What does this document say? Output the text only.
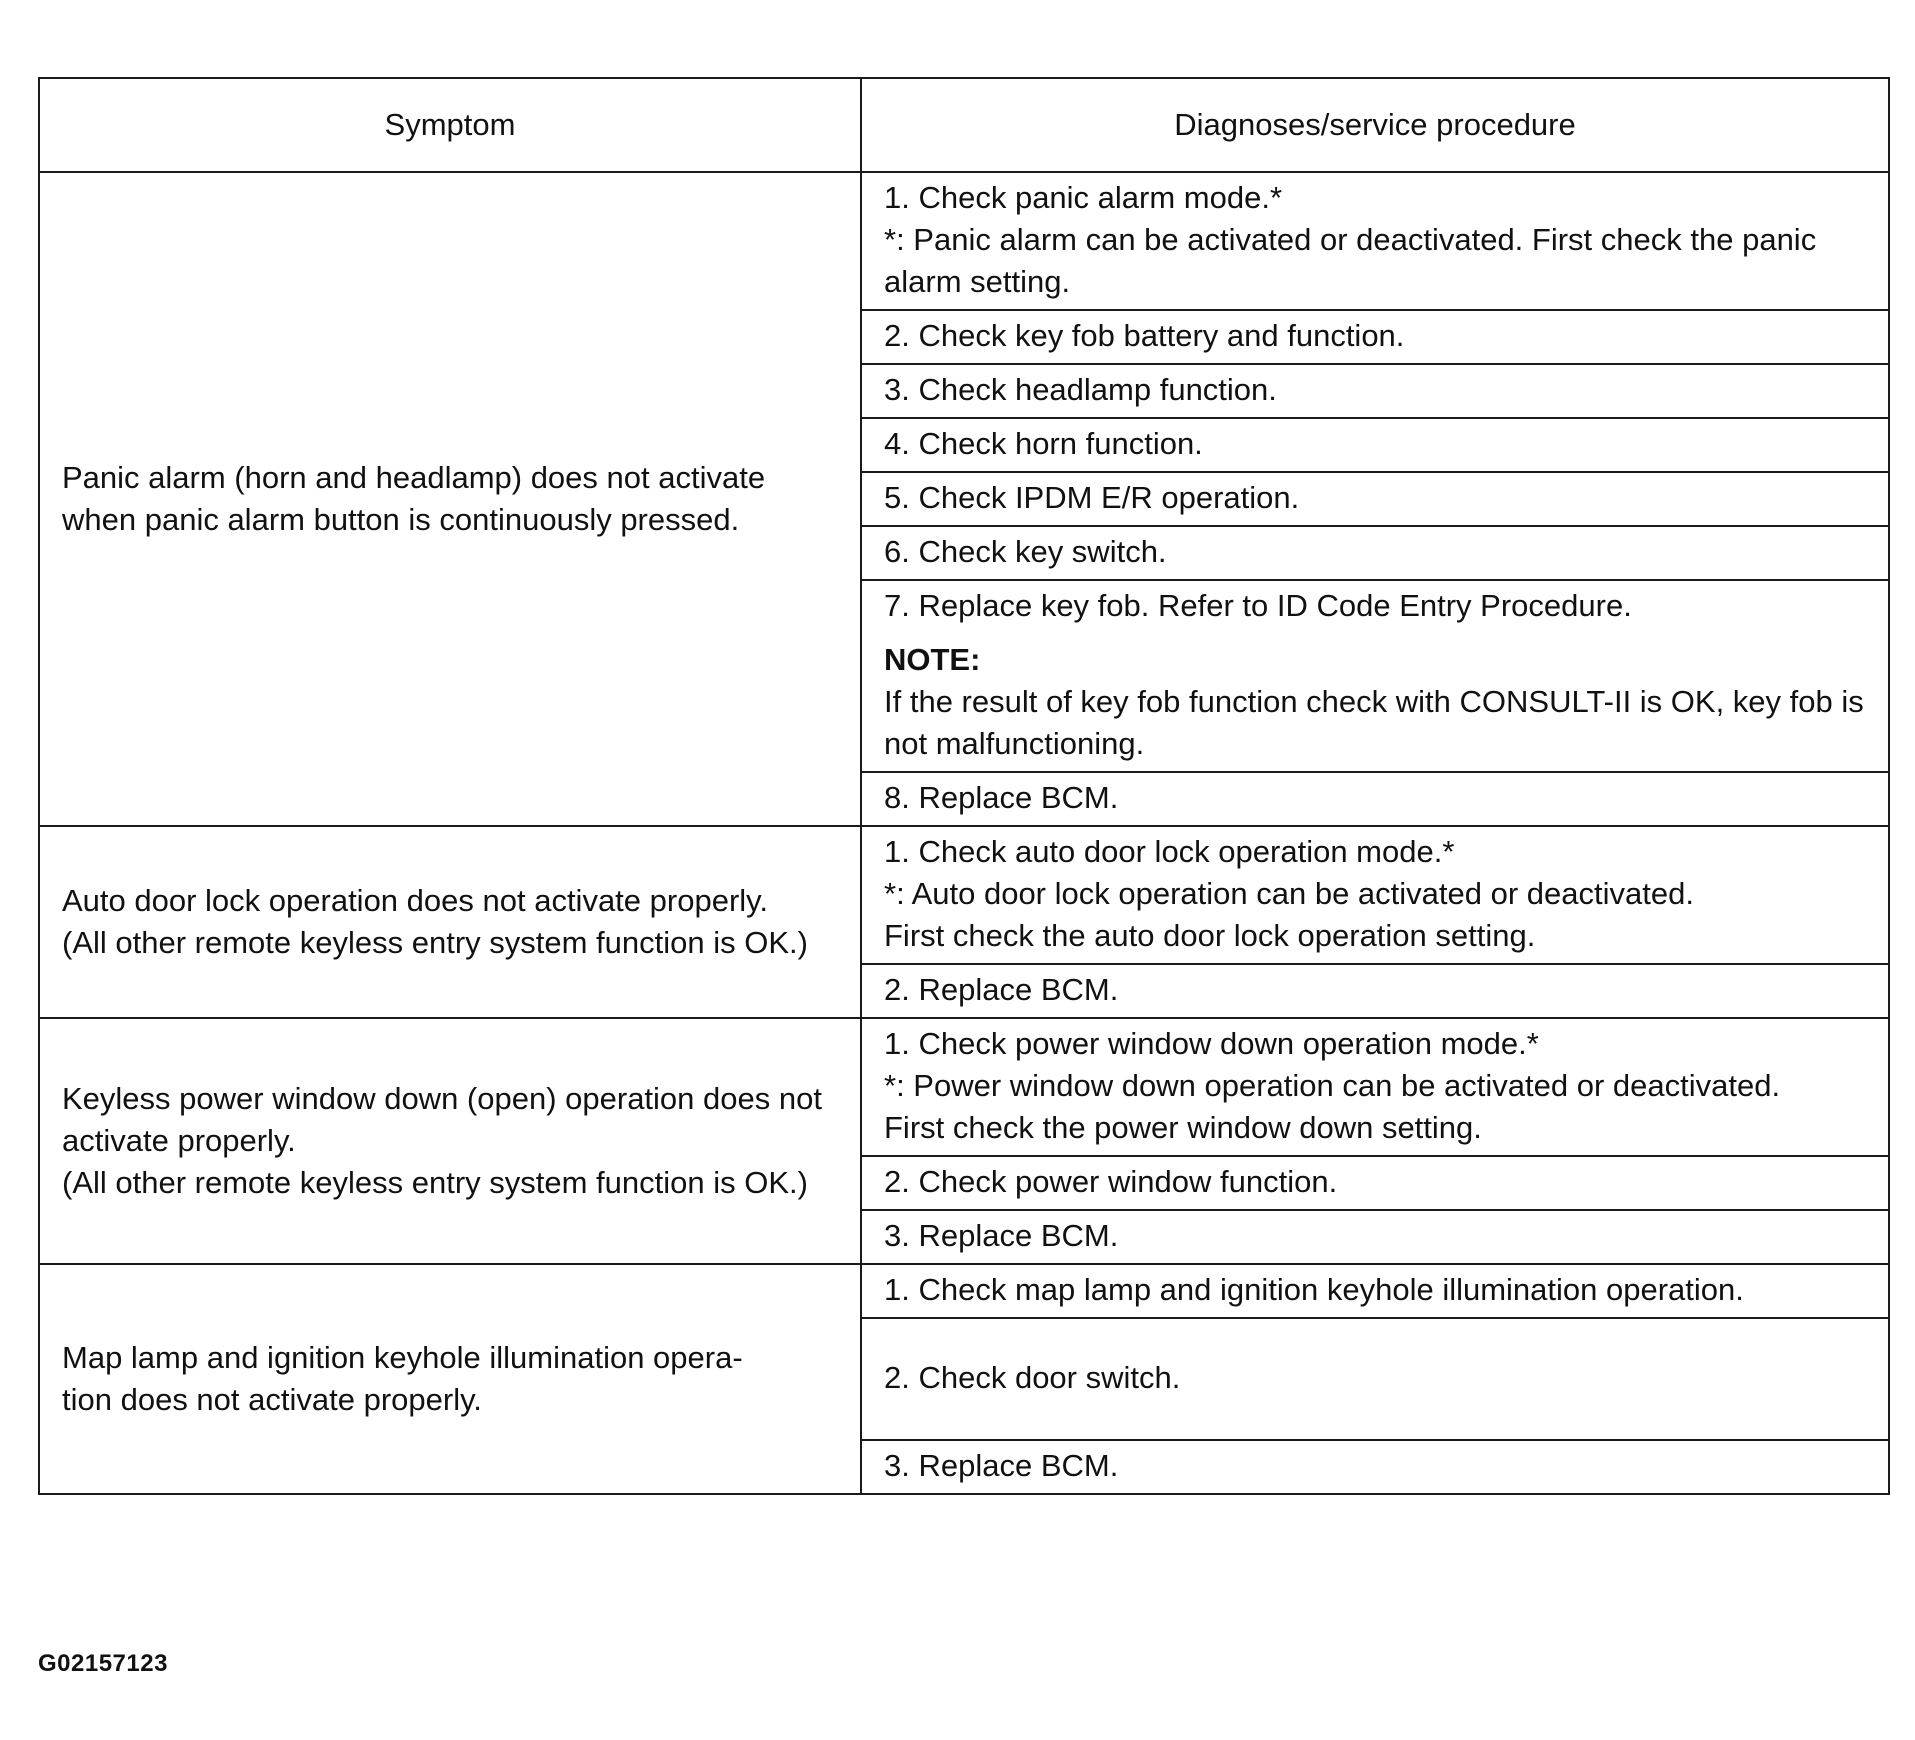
Symptom	Diagnoses/service procedure

Panic alarm (horn and headlamp) does not activate
when panic alarm button is continuously pressed.	1. Check panic alarm mode.*
*: Panic alarm can be activated or deactivated. First check the panic alarm setting.

	2. Check key fob battery and function.

	3. Check headlamp function.

	4. Check horn function.

	5. Check IPDM E/R operation.

	6. Check key switch.

	7. Replace key fob. Refer to ID Code Entry Procedure.
NOTE:
If the result of key fob function check with CONSULT-II is OK, key fob is not malfunctioning.

	8. Replace BCM.

Auto door lock operation does not activate properly.
(All other remote keyless entry system function is OK.)	1. Check auto door lock operation mode.*
*: Auto door lock operation can be activated or deactivated.
First check the auto door lock operation setting.

	2. Replace BCM.

Keyless power window down (open) operation does not activate properly.
(All other remote keyless entry system function is OK.)	1. Check power window down operation mode.*
*: Power window down operation can be activated or deactivated.
First check the power window down setting.

	2. Check power window function.

	3. Replace BCM.

Map lamp and ignition keyhole illumination opera-
tion does not activate properly.	1. Check map lamp and ignition keyhole illumination operation.

	2. Check door switch.

	3. Replace BCM.
G02157123
